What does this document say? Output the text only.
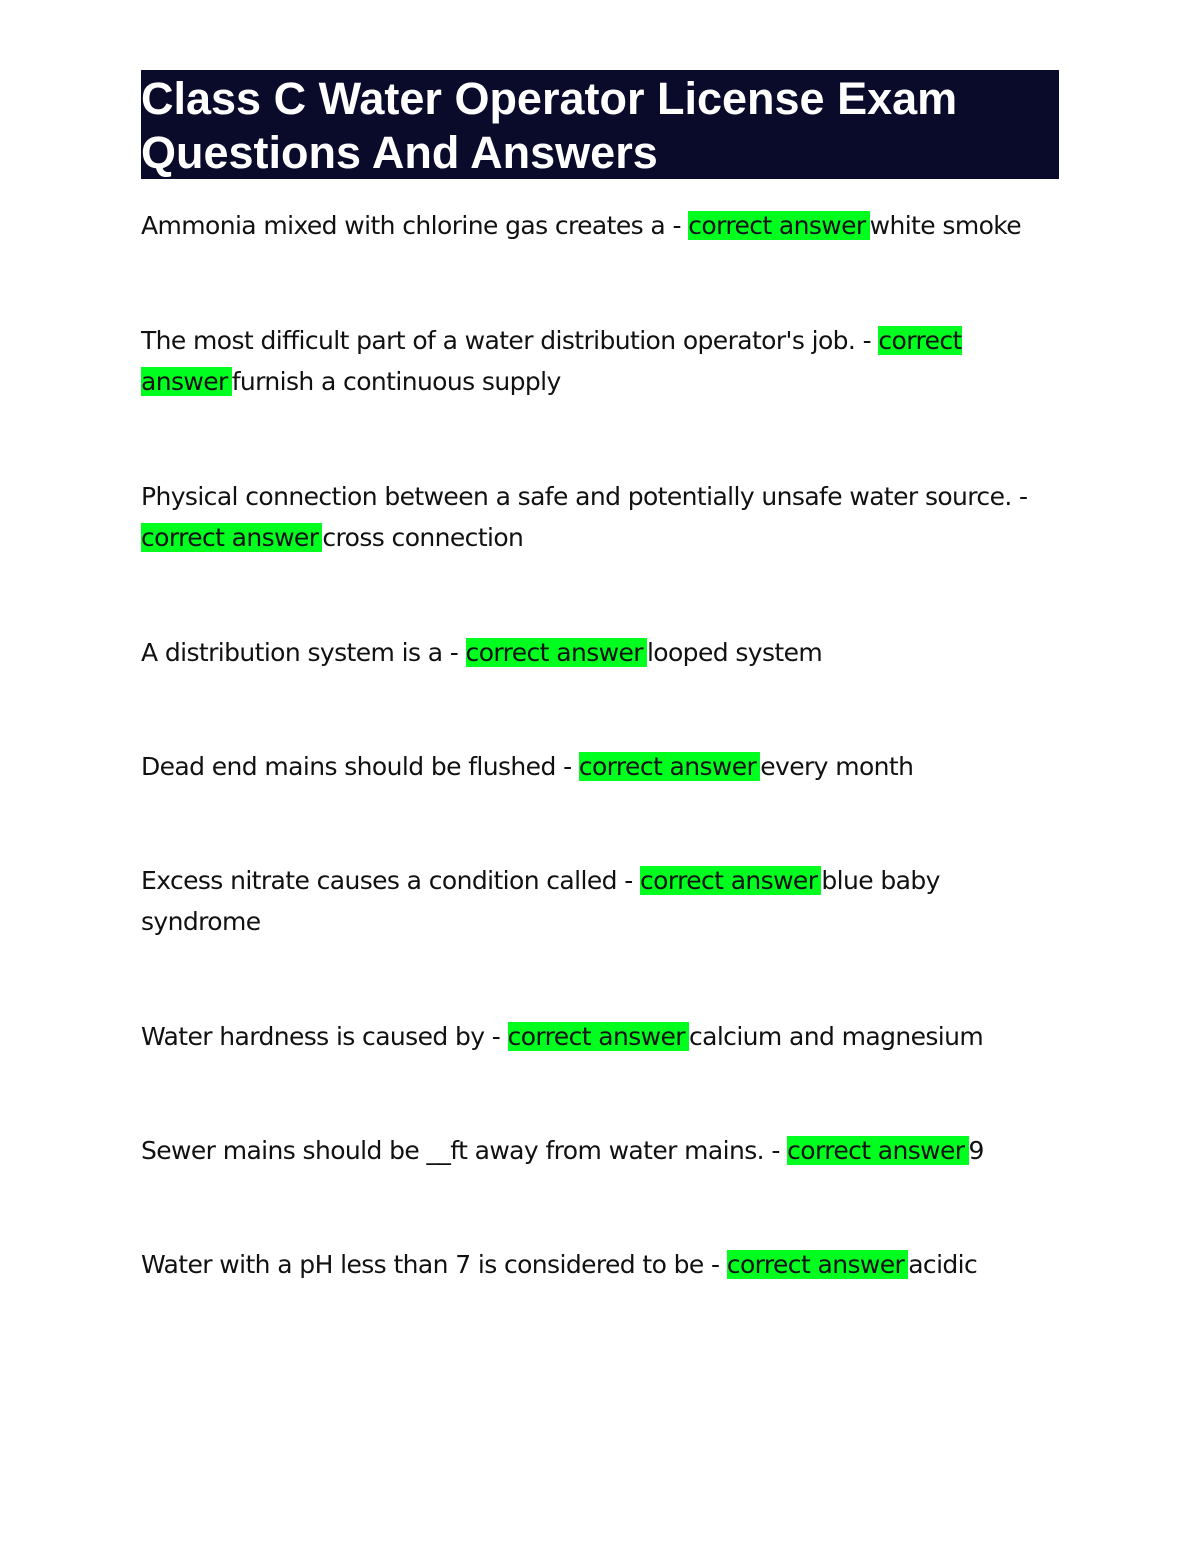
Class C Water Operator License Exam Questions And Answers
Ammonia mixed with chlorine gas creates a - correct answer white smoke
The most difficult part of a water distribution operator's job. - correct answer furnish a continuous supply
Physical connection between a safe and potentially unsafe water source. - correct answer cross connection
A distribution system is a - correct answer looped system
Dead end mains should be flushed - correct answer every month
Excess nitrate causes a condition called - correct answer blue baby syndrome
Water hardness is caused by - correct answer calcium and magnesium
Sewer mains should be __ft away from water mains. - correct answer 9
Water with a pH less than 7 is considered to be - correct answer acidic
